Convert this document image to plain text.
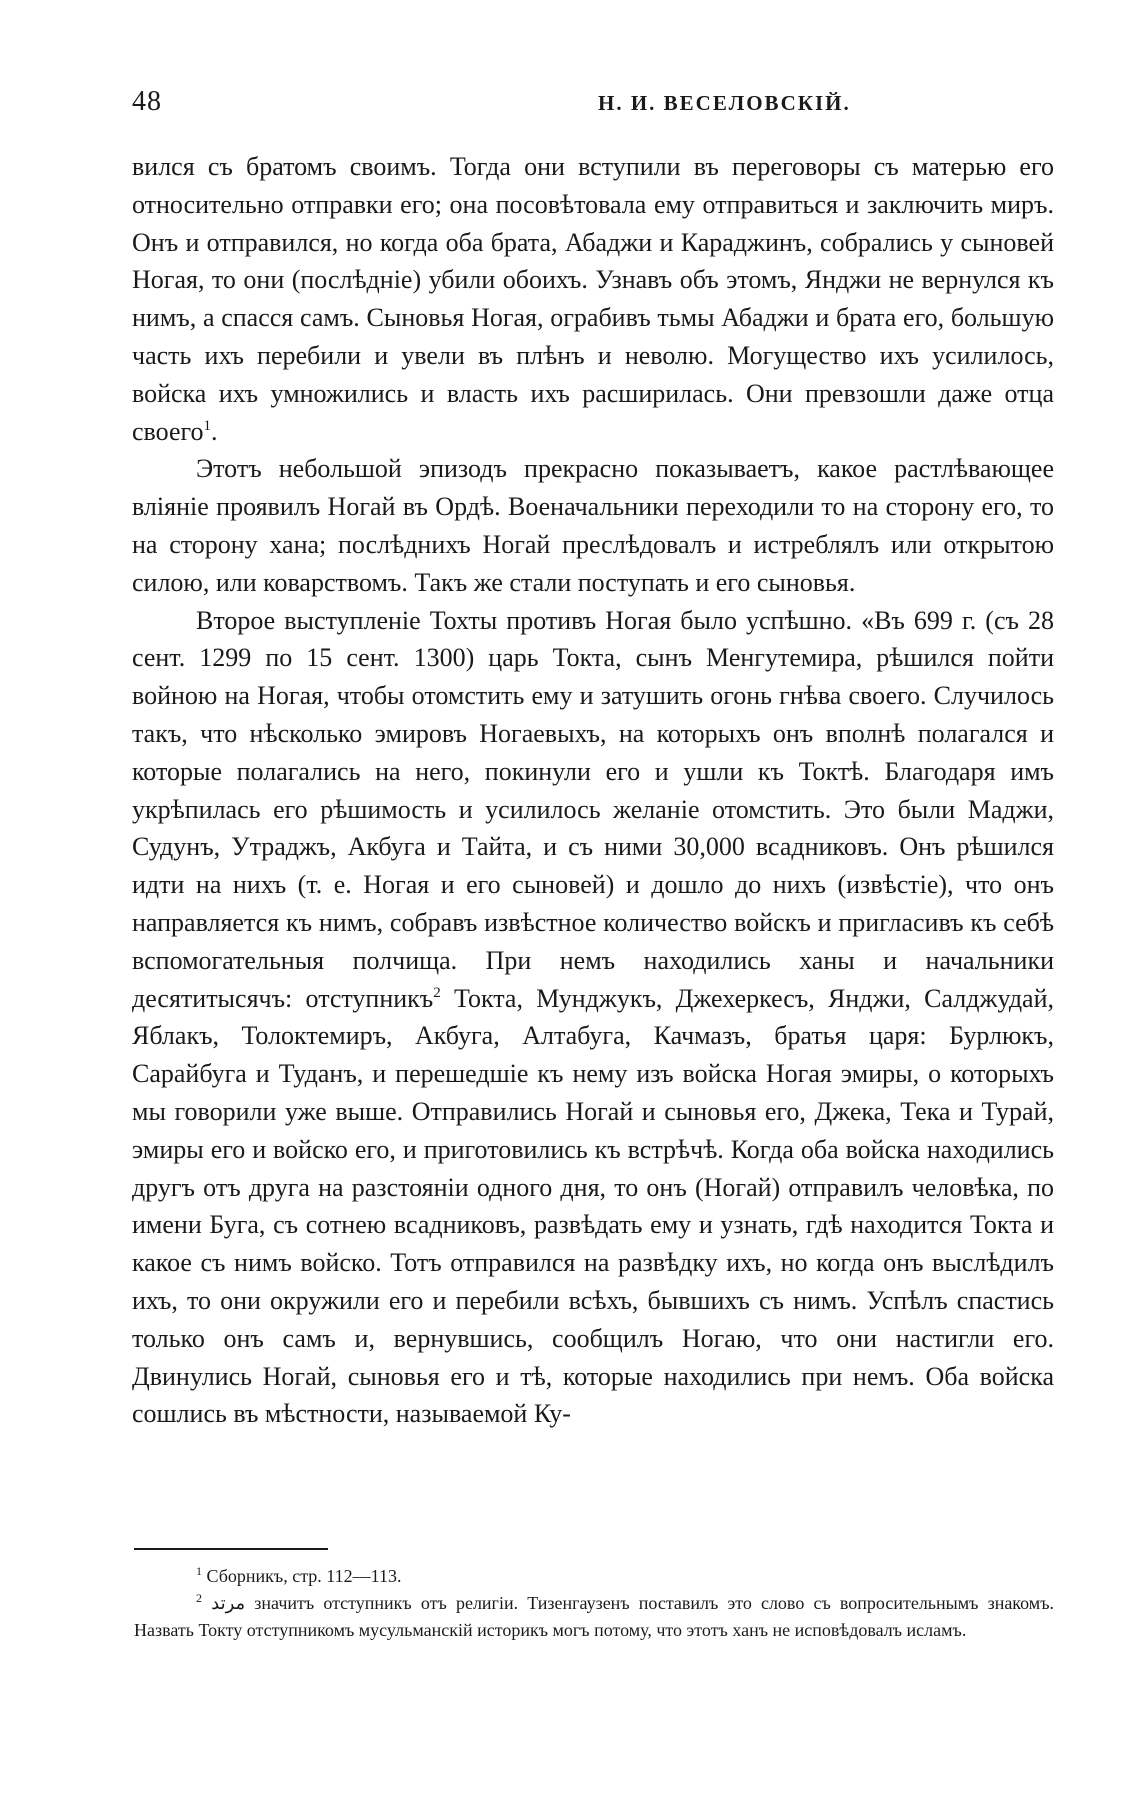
48	Н. И. ВЕСЕЛОВСКІЙ.

вился съ братомъ своимъ. Тогда они вступили въ переговоры съ матерью его относительно отправки его; она посовѣтовала ему отправиться и заключить миръ. Онъ и отправился, но когда оба брата, Абаджи и Караджинъ, собрались у сыновей Ногая, то они (послѣдніе) убили обоихъ. Узнавъ объ этомъ, Янджи не вернулся къ нимъ, а спасся самъ. Сыновья Ногая, ограбивъ тьмы Абаджи и брата его, большую часть ихъ перебили и увели въ плѣнъ и неволю. Могущество ихъ усилилось, войска ихъ умножились и власть ихъ расширилась. Они превзошли даже отца своего$^1$.

Этотъ небольшой эпизодъ прекрасно показываетъ, какое растлѣвающее вліяніе проявилъ Ногай въ Ордѣ. Военачальники переходили то на сторону его, то на сторону хана; послѣднихъ Ногай преслѣдовалъ и истреблялъ или открытою силою, или коварствомъ. Такъ же стали поступать и его сыновья.

Второе выступленіе Тохты противъ Ногая было успѣшно. «Въ 699 г. (съ 28 сент. 1299 по 15 сент. 1300) царь Токта, сынъ Менгутемира, рѣшился пойти войною на Ногая, чтобы отомстить ему и затушить огонь гнѣва своего. Случилось такъ, что нѣсколько эмировъ Ногаевыхъ, на которыхъ онъ вполнѣ полагался и которые полагались на него, покинули его и ушли къ Токтѣ. Благодаря имъ укрѣпилась его рѣшимость и усилилось желаніе отомстить. Это были Маджи, Судунъ, Утраджъ, Акбуга и Тайта, и съ ними 30,000 всадниковъ. Онъ рѣшился идти на нихъ (т. е. Ногая и его сыновей) и дошло до нихъ (извѣстіе), что онъ направляется къ нимъ, собравъ извѣстное количество войскъ и пригласивъ къ себѣ вспомогательныя полчища. При немъ находились ханы и начальники десятитысячъ: отступникъ$^2$ Токта, Мунджукъ, Джехеркесъ, Янджи, Салджудай, Яблакъ, Толоктемиръ, Акбуга, Алтабуга, Качмазъ, братья царя: Бурлюкъ, Сарайбуга и Туданъ, и перешедшіе къ нему изъ войска Ногая эмиры, о которыхъ мы говорили уже выше. Отправились Ногай и сыновья его, Джека, Тека и Турай, эмиры его и войско его, и приготовились къ встрѣчѣ. Когда оба войска находились другъ отъ друга на разстояніи одного дня, то онъ (Ногай) отправилъ человѣка, по имени Буга, съ сотнею всадниковъ, развѣдать ему и узнать, гдѣ находится Токта и какое съ нимъ войско. Тотъ отправился на развѣдку ихъ, но когда онъ выслѣдилъ ихъ, то они окружили его и перебили всѣхъ, бывшихъ съ нимъ. Успѣлъ спастись только онъ самъ и, вернувшись, сообщилъ Ногаю, что они настигли его. Двинулись Ногай, сыновья его и тѣ, которые находились при немъ. Оба войска сошлись въ мѣстности, называемой Ку-

$^1$ Сборникъ, стр. 112—113.

$^2$ مرتد значитъ отступникъ отъ религіи. Тизенгаузенъ поставилъ это слово съ вопросительнымъ знакомъ. Назвать Токту отступникомъ мусульманскій историкъ могъ потому, что этотъ ханъ не исповѣдовалъ исламъ.
